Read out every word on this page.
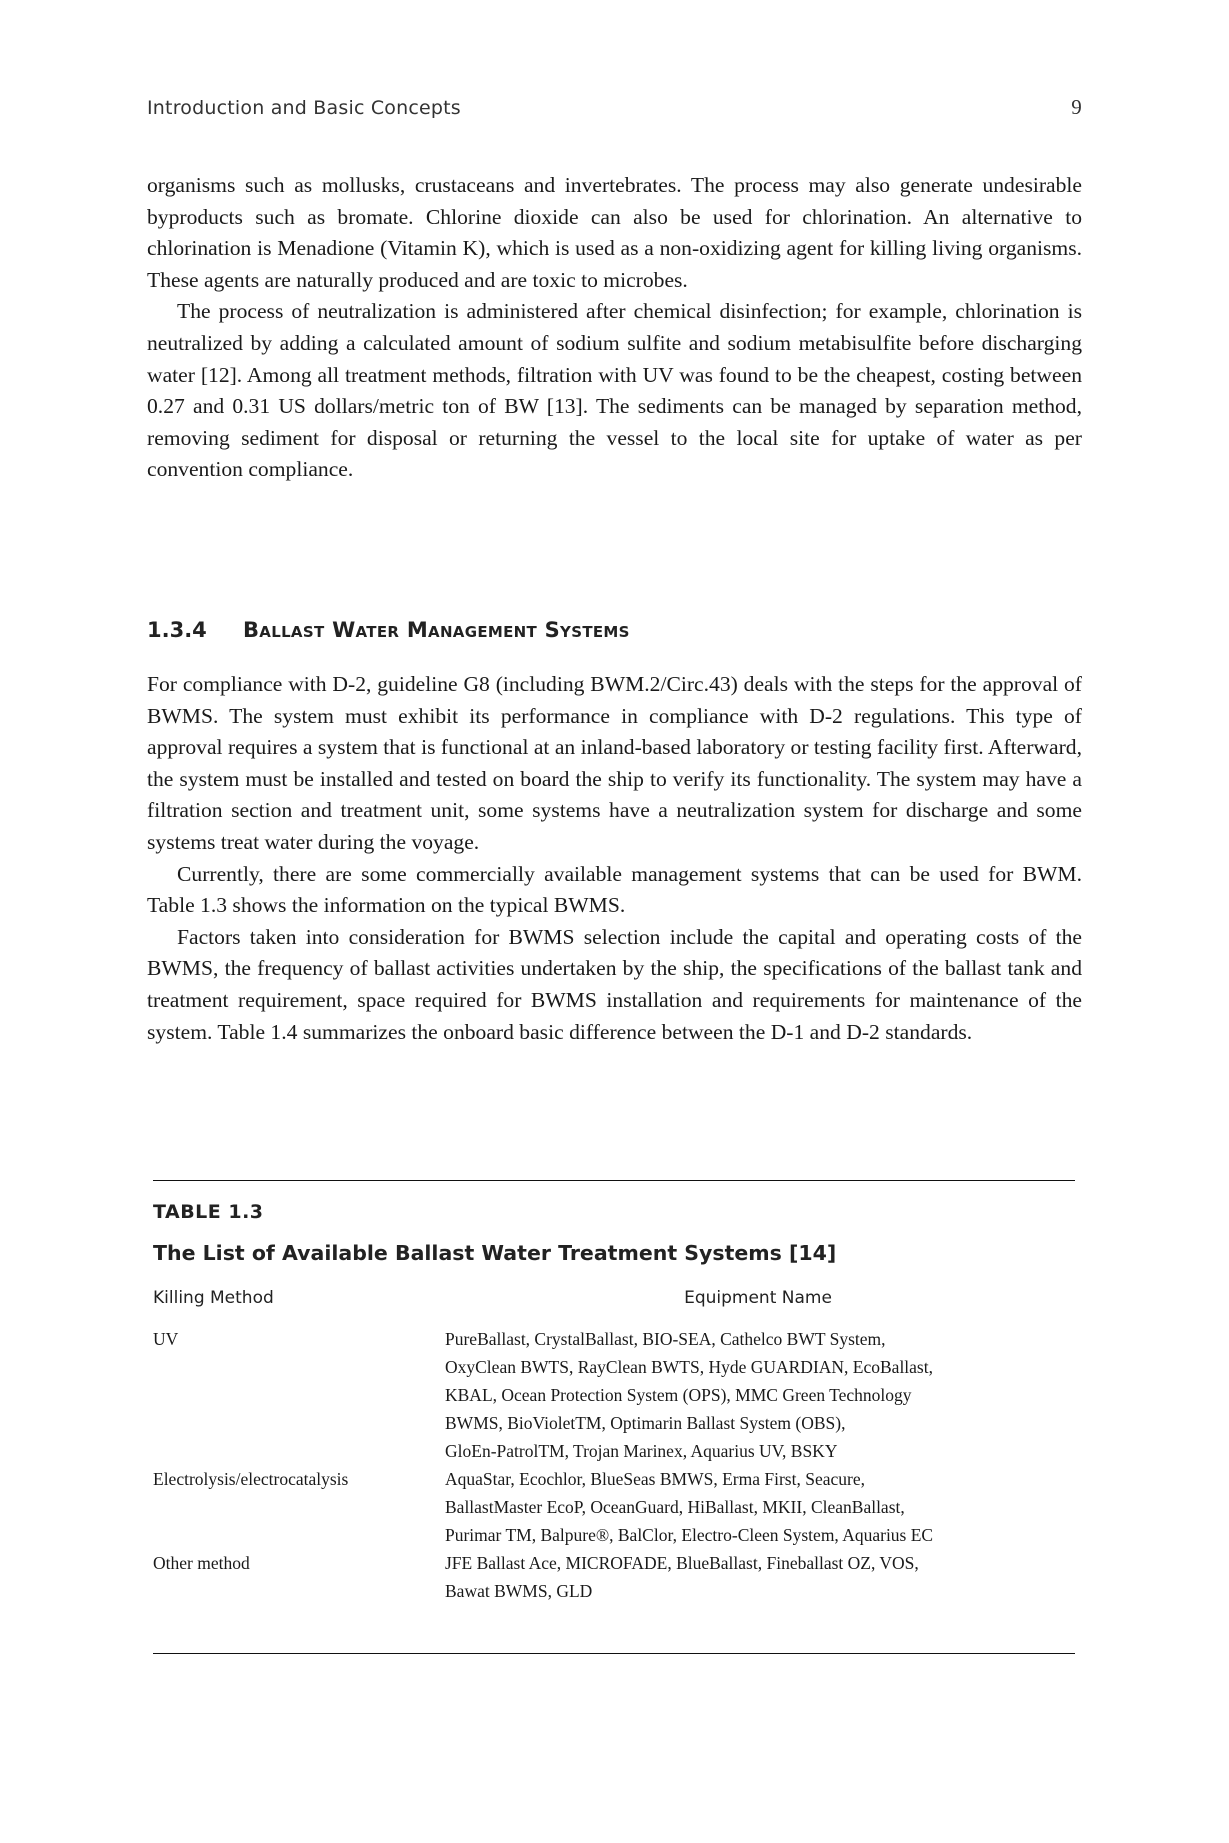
Introduction and Basic Concepts	9

organisms such as mollusks, crustaceans and invertebrates. The process may also generate undesirable byproducts such as bromate. Chlorine dioxide can also be used for chlorination. An alternative to chlorination is Menadione (Vitamin K), which is used as a non-oxidizing agent for killing living organisms. These agents are naturally produced and are toxic to microbes.

The process of neutralization is administered after chemical disinfection; for example, chlorination is neutralized by adding a calculated amount of sodium sulfite and sodium metabisulfite before discharging water [12]. Among all treatment methods, filtration with UV was found to be the cheapest, costing between 0.27 and 0.31 US dollars/metric ton of BW [13]. The sediments can be managed by separation method, removing sediment for disposal or returning the vessel to the local site for uptake of water as per convention compliance.

1.3.4 Ballast Water Management Systems

For compliance with D-2, guideline G8 (including BWM.2/Circ.43) deals with the steps for the approval of BWMS. The system must exhibit its performance in compliance with D-2 regulations. This type of approval requires a system that is functional at an inland-based laboratory or testing facility first. Afterward, the system must be installed and tested on board the ship to verify its functionality. The system may have a filtration section and treatment unit, some systems have a neutralization system for discharge and some systems treat water during the voyage.

Currently, there are some commercially available management systems that can be used for BWM. Table 1.3 shows the information on the typical BWMS.

Factors taken into consideration for BWMS selection include the capital and operating costs of the BWMS, the frequency of ballast activities undertaken by the ship, the specifications of the ballast tank and treatment requirement, space required for BWMS installation and requirements for maintenance of the system. Table 1.4 summarizes the onboard basic difference between the D-1 and D-2 standards.

TABLE 1.3
The List of Available Ballast Water Treatment Systems [14]
Killing Method	Equipment Name
UV	PureBallast, CrystalBallast, BIO-SEA, Cathelco BWT System,
OxyClean BWTS, RayClean BWTS, Hyde GUARDIAN, EcoBallast,
KBAL, Ocean Protection System (OPS), MMC Green Technology
BWMS, BioVioletTM, Optimarin Ballast System (OBS),
GloEn-PatrolTM, Trojan Marinex, Aquarius UV, BSKY
Electrolysis/electrocatalysis	AquaStar, Ecochlor, BlueSeas BMWS, Erma First, Seacure,
BallastMaster EcoP, OceanGuard, HiBallast, MKII, CleanBallast,
Purimar TM, Balpure®, BalClor, Electro-Cleen System, Aquarius EC
Other method	JFE Ballast Ace, MICROFADE, BlueBallast, Fineballast OZ, VOS,
Bawat BWMS, GLD
